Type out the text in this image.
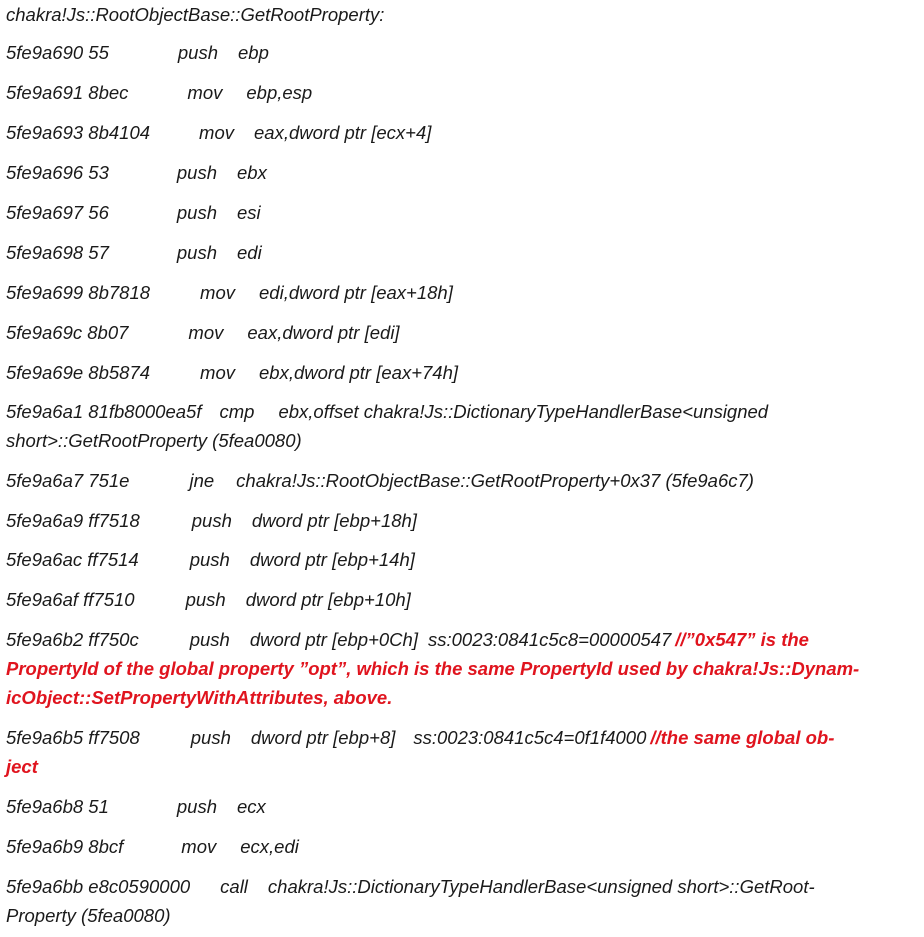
chakra!Js::RootObjectBase::GetRootProperty:
5fe9a690 55	push ebp
5fe9a691 8bec	mov ebp,esp
5fe9a693 8b4104	mov eax,dword ptr [ecx+4]
5fe9a696 53	push ebx
5fe9a697 56	push esi
5fe9a698 57	push edi
5fe9a699 8b7818	mov edi,dword ptr [eax+18h]
5fe9a69c 8b07	mov eax,dword ptr [edi]
5fe9a69e 8b5874	mov ebx,dword ptr [eax+74h]
5fe9a6a1 81fb8000ea5f cmp ebx,offset chakra!Js::DictionaryTypeHandlerBase<unsigned
short>::GetRootProperty (5fea0080)
5fe9a6a7 751e	jne chakra!Js::RootObjectBase::GetRootProperty+0x37 (5fe9a6c7)
5fe9a6a9 ff7518	push dword ptr [ebp+18h]
5fe9a6ac ff7514	push dword ptr [ebp+14h]
5fe9a6af ff7510	push dword ptr [ebp+10h]
5fe9a6b2 ff750c	push dword ptr [ebp+0Ch] ss:0023:0841c5c8=00000547 //”0x547” is the
PropertyId of the global property ”opt”, which is the same PropertyId used by chakra!Js::Dynam-
icObject::SetPropertyWithAttributes, above.
5fe9a6b5 ff7508	push dword ptr [ebp+8] ss:0023:0841c5c4=0f1f4000 //the same global ob-
ject
5fe9a6b8 51	push ecx
5fe9a6b9 8bcf	mov ecx,edi
5fe9a6bb e8c0590000 call chakra!Js::DictionaryTypeHandlerBase<unsigned short>::GetRoot-
Property (5fea0080)
